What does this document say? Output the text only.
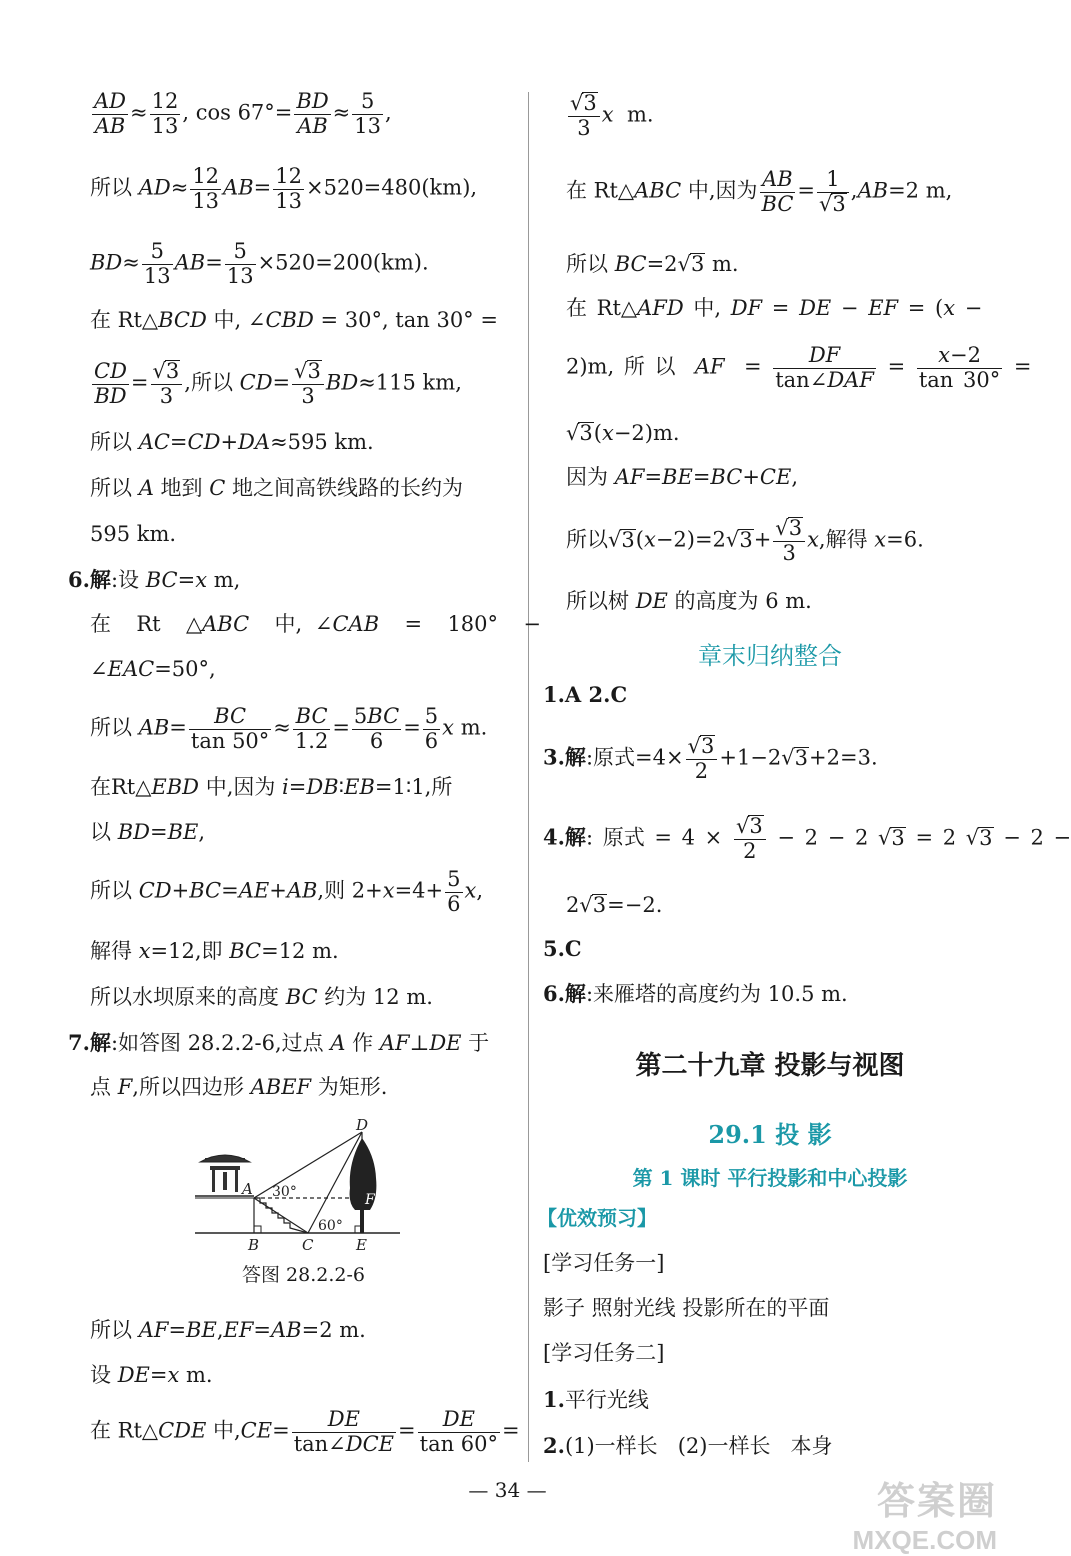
$\frac{AD}{AB} \approx \frac{12}{13}$ , $\cos 67^\circ= \frac{BD}{AB} \approx \frac{5}{13}$ ,
所以 $AD\approx \frac{12}{13} AB= \frac{12}{13} \times 520=480(km)$,
$BD\approx \frac{5}{13} AB= \frac{5}{13} \times 520=200(km)$.
在 Rt△BCD 中, ∠CBD = 30°, tan 30° =
$\frac{CD}{BD} = \frac{√3}{3}$ ,所以 $CD= \frac{√3}{3} BD\approx 115$ km,
所以 AC=CD+DA≈595 km.
所以 A 地到 C 地之间高铁线路的长约为
595 km.
6.解:设 BC=x m,
在  Rt  △ABC  中, ∠CAB  =  180°  −
∠EAC=50°,
所以 $AB= \frac{BC}{\tan 50^\circ} \approx \frac{BC}{1.2} = \frac{5BC}{6} = \frac{5}{6}$ x m.
在Rt△EBD 中,因为 i=DB∶EB=1∶1,所
以 BD=BE,
所以 CD+BC=AE+AB,则 $2+x=4+ \frac{5}{6} x$,
解得 x=12,即 BC=12 m.
所以水坝原来的高度 BC 约为 12 m.
7.解:如答图 28.2.2-6,过点 A 作 AF⊥DE 于
点 F,所以四边形 ABEF 为矩形.
D
A 30°	F
60°
B	C	E
答图 28.2.2-6
所以 AF=BE,EF=AB=2 m.
设 DE=x m.
在 Rt△CDE 中$,CE= \frac{DE}{\text{tan∠DCE}} = \frac{DE}{\tan 60^\circ}$ =
$\frac{√3}{3}$ x  m.
在 Rt△ABC 中,因为 $\frac{AB}{BC} = \frac{1}{√3} ,AB=2$ m,
所以 BC=2√3 m.
在 Rt△AFD 中, DF = DE − EF = (x −
2)m, 所 以  AF  = $\frac{DF}{\text{tan∠DAF}} = \frac{x-2}{\tan 30^\circ}$ =
√3(x−2)m.
因为 AF=BE=BC+CE,
所以$√3(x-2)=2√3+ \frac{√3}{3} x$,解得 x=6.
所以树 DE 的高度为 6 m.
章末归纳整合
1.A 2.C
3.解:原式$=4\times \frac{√3}{2} +1-2√3+2=3$.
4.解: 原式 = $4 \times \frac{√3}{2} - 2 - 2$ √3 = 2 √3 − 2 −
2√3=−2.
5.C
6.解:来雁塔的高度约为 10.5 m.
第二十九章 投影与视图
29.1 投 影
第 1 课时 平行投影和中心投影
【优效预习】
[学习任务一]
影子 照射光线 投影所在的平面
[学习任务二]
1.平行光线
2.(1)一样长   (2)一样长   本身
— 34 —	答案圈
MXQE.COM
